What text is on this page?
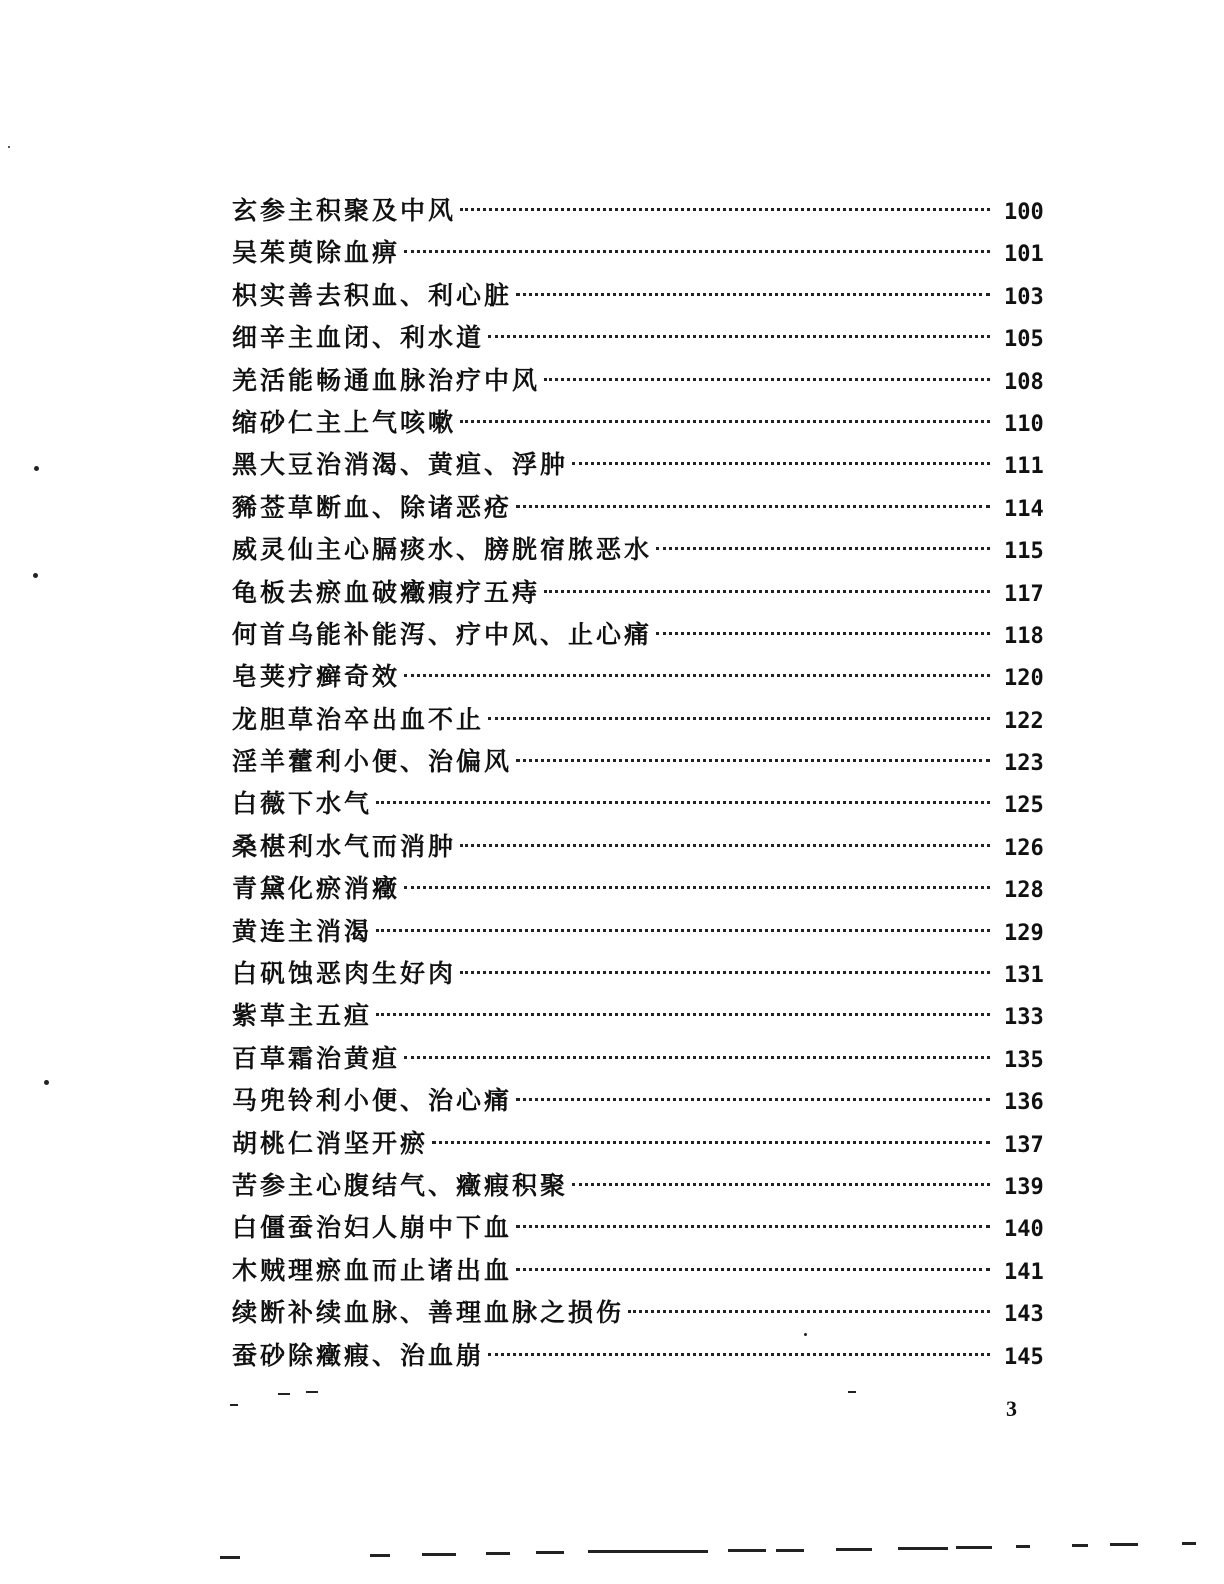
玄参主积聚及中风	100
吴茱萸除血痹	101
枳实善去积血、利心脏	103
细辛主血闭、利水道	105
羌活能畅通血脉治疗中风	108
缩砂仁主上气咳嗽	110
黑大豆治消渴、黄疸、浮肿	111
豨莶草断血、除诸恶疮	114
威灵仙主心膈痰水、膀胱宿脓恶水	115
龟板去瘀血破癥瘕疗五痔	117
何首乌能补能泻、疗中风、止心痛	118
皂荚疗癣奇效	120
龙胆草治卒出血不止	122
淫羊藿利小便、治偏风	123
白薇下水气	125
桑椹利水气而消肿	126
青黛化瘀消癥	128
黄连主消渴	129
白矾蚀恶肉生好肉	131
紫草主五疸	133
百草霜治黄疸	135
马兜铃利小便、治心痛	136
胡桃仁消坚开瘀	137
苦参主心腹结气、癥瘕积聚	139
白僵蚕治妇人崩中下血	140
木贼理瘀血而止诸出血	141
续断补续血脉、善理血脉之损伤	143
蚕砂除癥瘕、治血崩	145
3
